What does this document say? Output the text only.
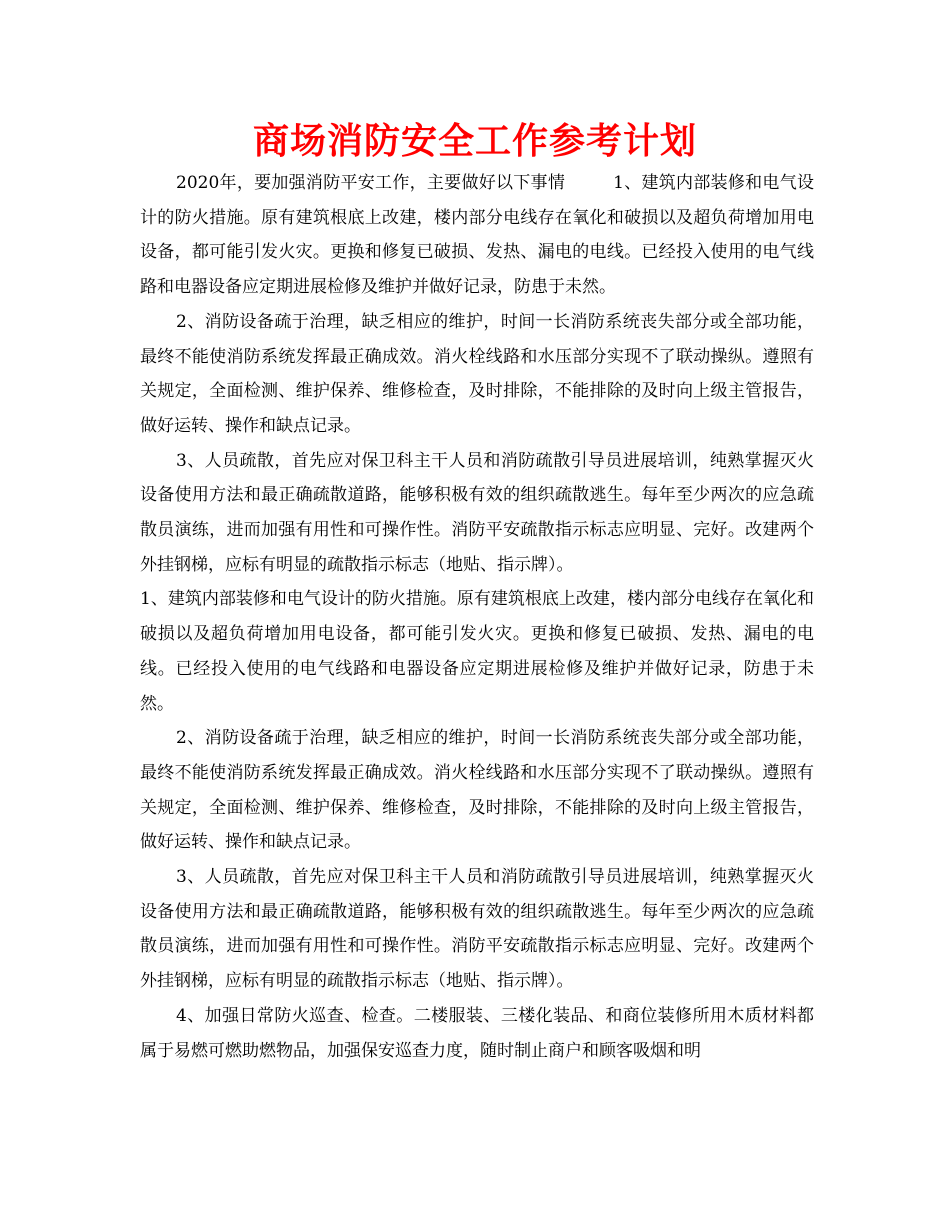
商场消防安全工作参考计划

2020年，要加强消防平安工作，主要做好以下事情	1、建筑内部装修和电气设计的防火措施。原有建筑根底上改建，楼内部分电线存在氧化和破损以及超负荷增加用电设备，都可能引发火灾。更换和修复已破损、发热、漏电的电线。已经投入使用的电气线路和电器设备应定期进展检修及维护并做好记录，防患于未然。

2、消防设备疏于治理，缺乏相应的维护，时间一长消防系统丧失部分或全部功能，最终不能使消防系统发挥最正确成效。消火栓线路和水压部分实现不了联动操纵。遵照有关规定，全面检测、维护保养、维修检查，及时排除，不能排除的及时向上级主管报告，做好运转、操作和缺点记录。

3、人员疏散，首先应对保卫科主干人员和消防疏散引导员进展培训，纯熟掌握灭火设备使用方法和最正确疏散道路，能够积极有效的组织疏散逃生。每年至少两次的应急疏散员演练，进而加强有用性和可操作性。消防平安疏散指示标志应明显、完好。改建两个外挂钢梯，应标有明显的疏散指示标志（地贴、指示牌）。

1、建筑内部装修和电气设计的防火措施。原有建筑根底上改建，楼内部分电线存在氧化和破损以及超负荷增加用电设备，都可能引发火灾。更换和修复已破损、发热、漏电的电线。已经投入使用的电气线路和电器设备应定期进展检修及维护并做好记录，防患于未然。

2、消防设备疏于治理，缺乏相应的维护，时间一长消防系统丧失部分或全部功能，最终不能使消防系统发挥最正确成效。消火栓线路和水压部分实现不了联动操纵。遵照有关规定，全面检测、维护保养、维修检查，及时排除，不能排除的及时向上级主管报告，做好运转、操作和缺点记录。

3、人员疏散，首先应对保卫科主干人员和消防疏散引导员进展培训，纯熟掌握灭火设备使用方法和最正确疏散道路，能够积极有效的组织疏散逃生。每年至少两次的应急疏散员演练，进而加强有用性和可操作性。消防平安疏散指示标志应明显、完好。改建两个外挂钢梯，应标有明显的疏散指示标志（地贴、指示牌）。

4、加强日常防火巡查、检查。二楼服装、三楼化装品、和商位装修所用木质材料都属于易燃可燃助燃物品，加强保安巡查力度，随时制止商户和顾客吸烟和明
